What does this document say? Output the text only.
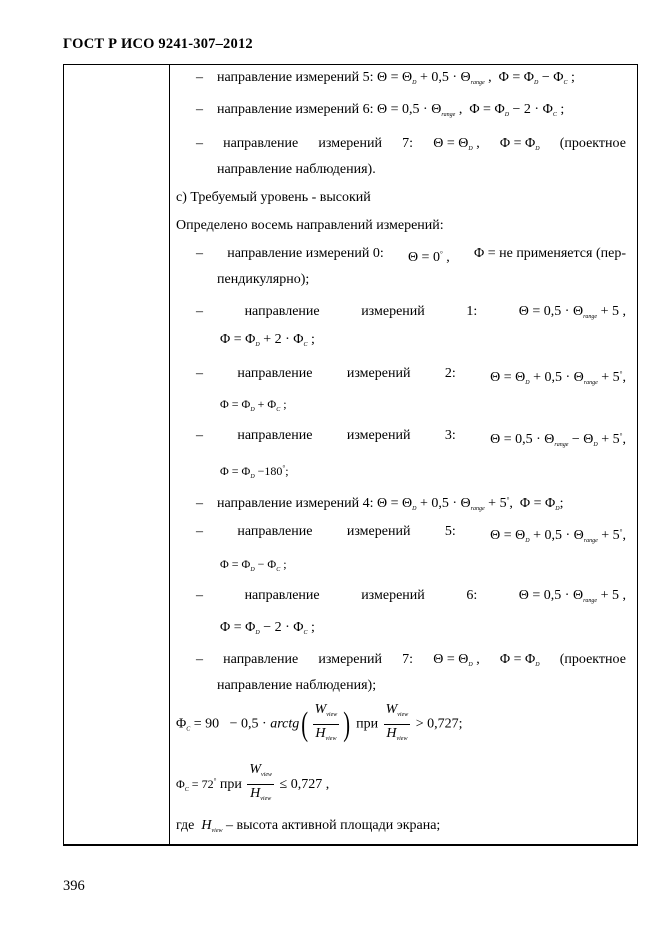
ГОСТ Р ИСО 9241-307–2012
– направление измерений 5: $\Theta = \Theta_D + 0,5 \cdot \Theta_{range}$ ,  $\Phi = \Phi_D - \Phi_C$ ;
– направление измерений 6: $\Theta = 0,5 \cdot \Theta_{range}$ ,  $\Phi = \Phi_D - 2 \cdot \Phi_C$ ;
– направление измерений 7: $\Theta = \Theta_D$ , $\Phi = \Phi_D$ (проектное
направление наблюдения).
с) Требуемый уровень - высокий
Определено восемь направлений измерений:
– направление измерений 0: Θ = 0° , Φ = не применяется (пер-
пендикулярно);
–	направление	измерений	1:	$\Theta = 0,5 \cdot \Theta_{range} + 5$ ,
$\Phi = \Phi_D + 2 \cdot \Phi_C$ ;
– направление измерений 2: $\Theta = \Theta_D + 0,5 \cdot \Theta_{range} + 5^\circ$,
$\Phi = \Phi_D + \Phi_C$ ;
– направление измерений 3: $\Theta = 0,5 \cdot \Theta_{range} - \Theta_D + 5^\circ$,
$\Phi = \Phi_D -180^\circ$;
– направление измерений 4: $\Theta = \Theta_D + 0,5 \cdot \Theta_{range} + 5^\circ$,  $\Phi = \Phi_D$;
– направление измерений 5: $\Theta = \Theta_D + 0,5 \cdot \Theta_{range} + 5^\circ$,
$\Phi = \Phi_D - \Phi_C$ ;
–	направление	измерений	6:	$\Theta = 0,5 \cdot \Theta_{range} + 5$ ,
$\Phi = \Phi_D - 2 \cdot \Phi_C$ ;
– направление измерений 7: $\Theta = \Theta_D$ , $\Phi = \Phi_D$ (проектное
направление наблюдения);
$\Phi_C = 90 - 0,5$ · arctg( $\frac{W_{view}}{H_{view}}$ ) при $\frac{W_{view}}{H_{view}} > 0,727$;
$\Phi_C = 72^\circ$ при $\frac{W_{view}}{H_{view}} \le 0,727$ ,
где $H_{view}$ – высота активной площади экрана;
396
